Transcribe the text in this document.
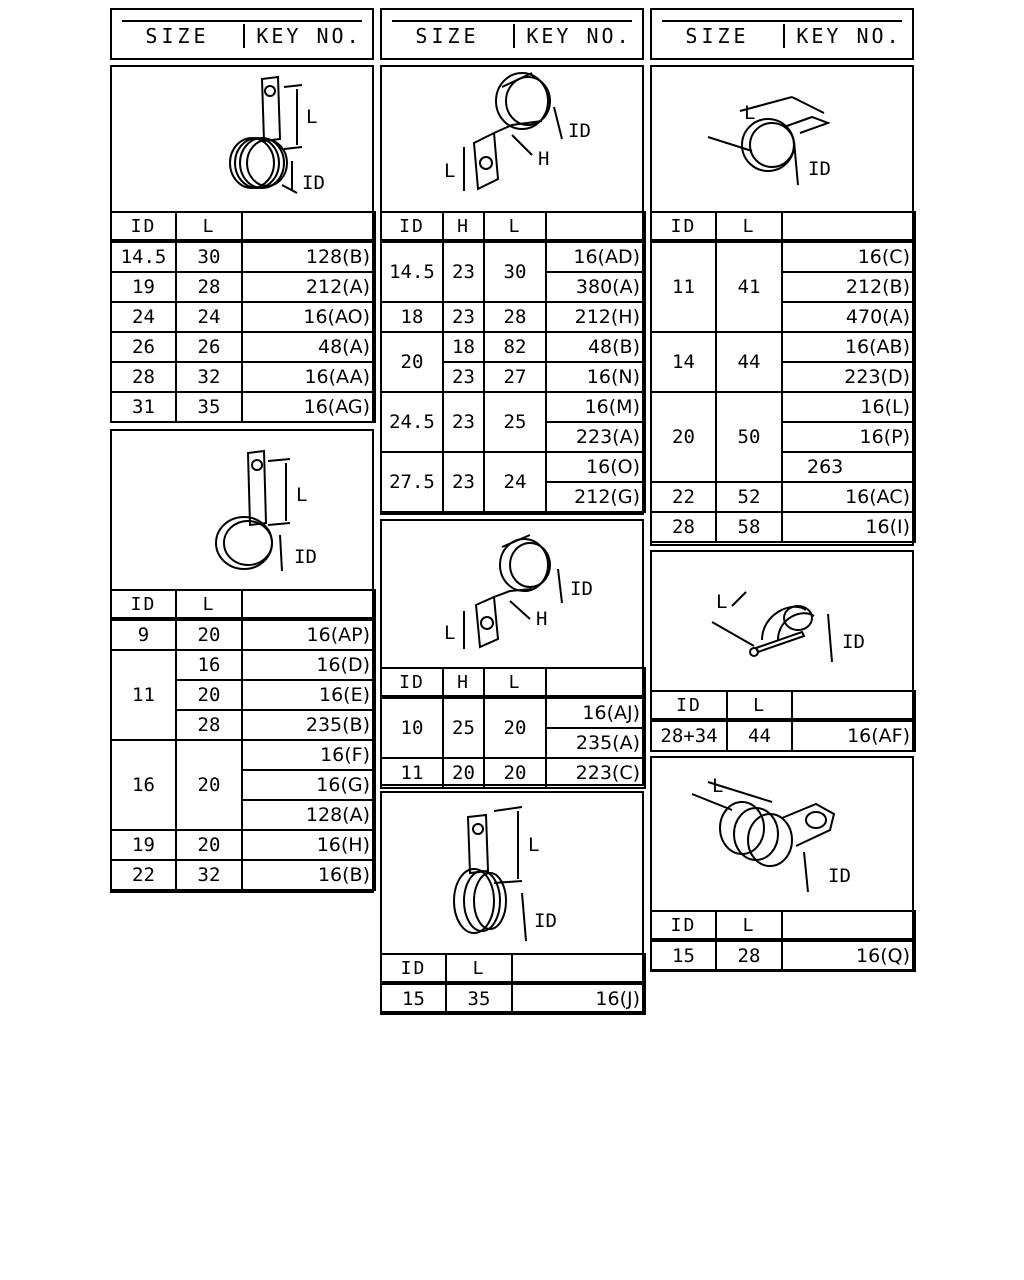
SIZE	KEY NO.	SIZE	KEY NO.	SIZE	KEY NO.
L
ID
ID	L	
14.5	30	128(B)
19	28	212(A)
24	24	16(AO)
26	26	48(A)
28	32	16(AA)
31	35	16(AG)
L
ID
ID	L	
9	20	16(AP)
11	16	16(D)
	20	16(E)
	28	235(B)
16	20	16(F)
		16(G)
		128(A)
19	20	16(H)
22	32	16(B)
L
H
ID
ID	H	L	
14.5	23	30	16(AD)
			380(A)
18	23	28	212(H)
20	18	82	48(B)
	23	27	16(N)
24.5	23	25	16(M)
			223(A)
27.5	23	24	16(O)
			212(G)
L
H
ID
ID	H	L	
10	25	20	16(AJ)
			235(A)
11	20	20	223(C)
L
ID
ID	L	
15	35	16(J)
L
ID
ID	L	
11	41	16(C)
		212(B)
		470(A)
14	44	16(AB)
		223(D)
20	50	16(L)
		16(P)
		263
22	52	16(AC)
28	58	16(I)
L
ID
ID	L	
28+34	44	16(AF)
L
ID
ID	L	
15	28	16(Q)
